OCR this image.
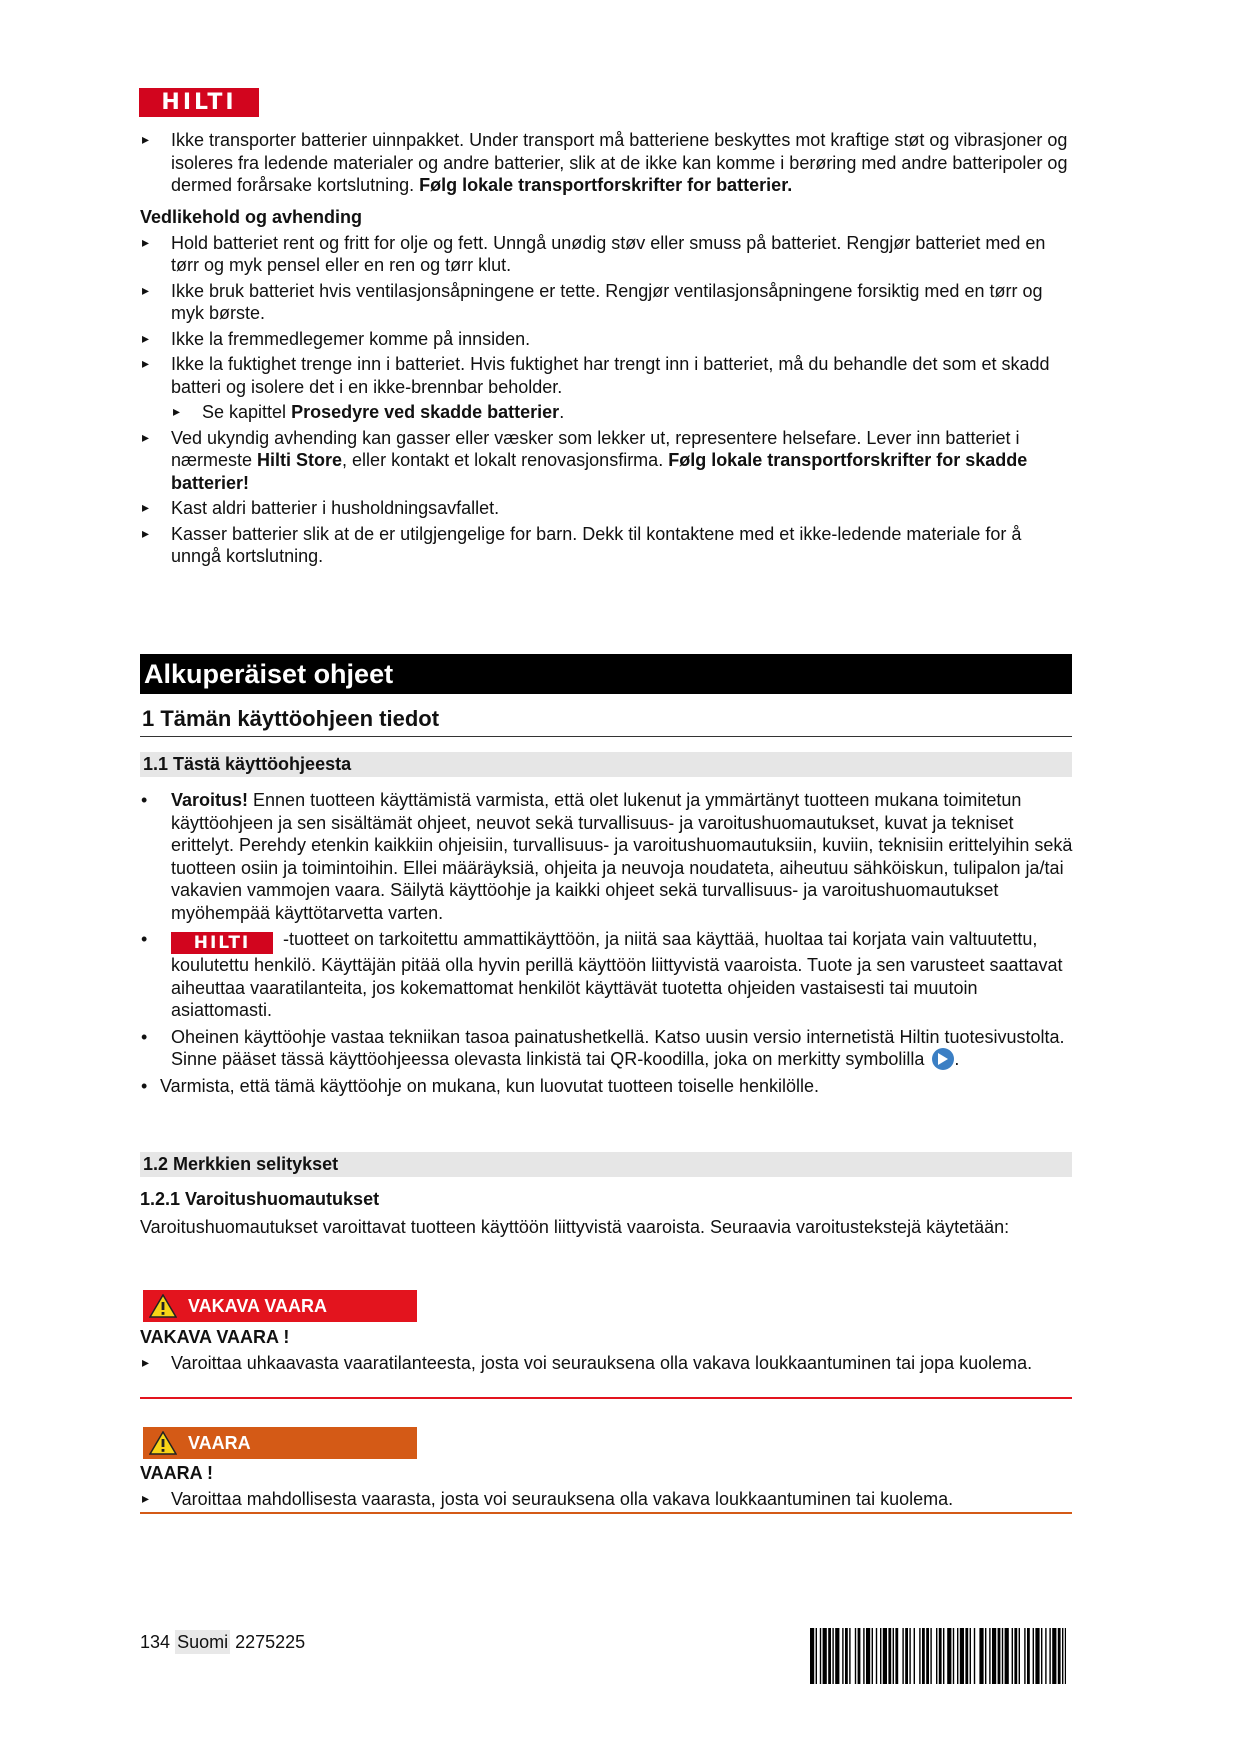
HILTI
▸ Ikke transporter batterier uinnpakket. Under transport må batteriene beskyttes mot kraftige støt og vibrasjoner og isoleres fra ledende materialer og andre batterier, slik at de ikke kan komme i berøring med andre batteripoler og dermed forårsake kortslutning. Følg lokale transportforskrifter for batterier.
Vedlikehold og avhending
▸ Hold batteriet rent og fritt for olje og fett. Unngå unødig støv eller smuss på batteriet. Rengjør batteriet med en tørr og myk pensel eller en ren og tørr klut.
▸ Ikke bruk batteriet hvis ventilasjonsåpningene er tette. Rengjør ventilasjonsåpningene forsiktig med en tørr og myk børste.
▸ Ikke la fremmedlegemer komme på innsiden.
▸ Ikke la fuktighet trenge inn i batteriet. Hvis fuktighet har trengt inn i batteriet, må du behandle det som et skadd batteri og isolere det i en ikke-brennbar beholder.
▸ Se kapittel Prosedyre ved skadde batterier.
▸ Ved ukyndig avhending kan gasser eller væsker som lekker ut, representere helsefare. Lever inn batteriet i nærmeste Hilti Store, eller kontakt et lokalt renovasjonsfirma. Følg lokale transportforskrifter for skadde batterier!
▸ Kast aldri batterier i husholdningsavfallet.
▸ Kasser batterier slik at de er utilgjengelige for barn. Dekk til kontaktene med et ikke-ledende materiale for å unngå kortslutning.
Alkuperäiset ohjeet
1 Tämän käyttöohjeen tiedot
1.1 Tästä käyttöohjeesta
• Varoitus! Ennen tuotteen käyttämistä varmista, että olet lukenut ja ymmärtänyt tuotteen mukana toimitetun käyttöohjeen ja sen sisältämät ohjeet, neuvot sekä turvallisuus- ja varoitushuomautukset, kuvat ja tekniset erittelyt. Perehdy etenkin kaikkiin ohjeisiin, turvallisuus- ja varoitushuomautuksiin, kuviin, teknisiin erittelyihin sekä tuotteen osiin ja toimintoihin. Ellei määräyksiä, ohjeita ja neuvoja noudateta, aiheutuu sähköiskun, tulipalon ja/tai vakavien vammojen vaara. Säilytä käyttöohje ja kaikki ohjeet sekä turvallisuus- ja varoitushuomautukset myöhempää käyttötarvetta varten.
• HILTI -tuotteet on tarkoitettu ammattikäyttöön, ja niitä saa käyttää, huoltaa tai korjata vain valtuutettu, koulutettu henkilö. Käyttäjän pitää olla hyvin perillä käyttöön liittyvistä vaaroista. Tuote ja sen varusteet saattavat aiheuttaa vaaratilanteita, jos kokemattomat henkilöt käyttävät tuotetta ohjeiden vastaisesti tai muutoin asiattomasti.
• Oheinen käyttöohje vastaa tekniikan tasoa painatushetkellä. Katso uusin versio internetistä Hiltin tuotesivustolta. Sinne pääset tässä käyttöohjeessa olevasta linkistä tai QR-koodilla, joka on merkitty symbolilla .
• Varmista, että tämä käyttöohje on mukana, kun luovutat tuotteen toiselle henkilölle.
1.2 Merkkien selitykset
1.2.1 Varoitushuomautukset
Varoitushuomautukset varoittavat tuotteen käyttöön liittyvistä vaaroista. Seuraavia varoitustekstejä käytetään:
VAKAVA VAARA
VAKAVA VAARA !
▸ Varoittaa uhkaavasta vaaratilanteesta, josta voi seurauksena olla vakava loukkaantuminen tai jopa kuolema.
VAARA
VAARA !
▸ Varoittaa mahdollisesta vaarasta, josta voi seurauksena olla vakava loukkaantuminen tai kuolema.
134 Suomi 2275225
